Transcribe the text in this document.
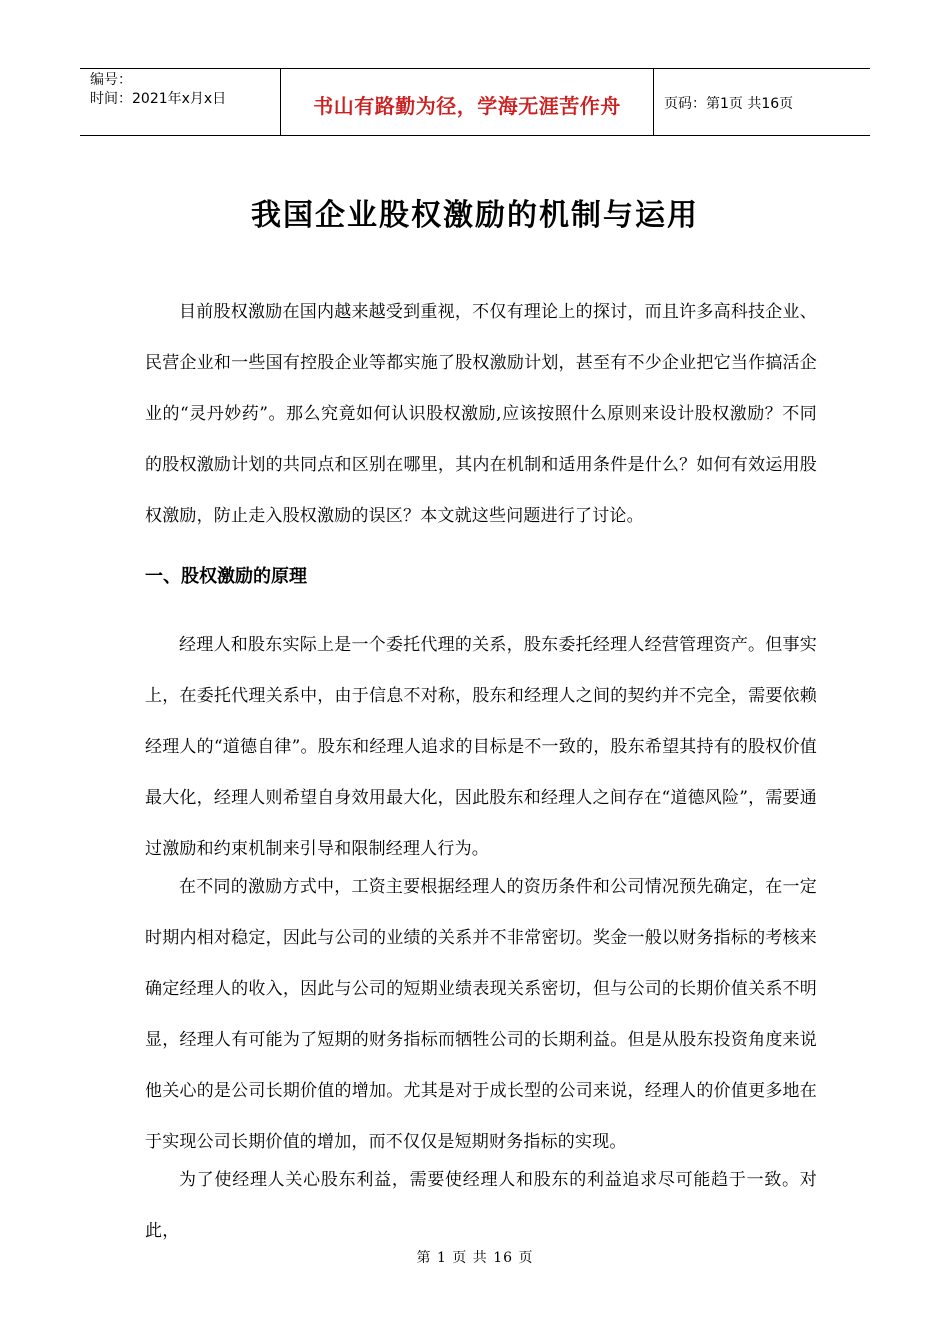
编号：
时间：2021年x月x日	书山有路勤为径，学海无涯苦作舟	页码：第1页 共16页
我国企业股权激励的机制与运用

目前股权激励在国内越来越受到重视，不仅有理论上的探讨，而且许多高科技企业、民营企业和一些国有控股企业等都实施了股权激励计划，甚至有不少企业把它当作搞活企业的“灵丹妙药”。那么究竟如何认识股权激励,应该按照什么原则来设计股权激励？不同的股权激励计划的共同点和区别在哪里，其内在机制和适用条件是什么？如何有效运用股权激励，防止走入股权激励的误区？本文就这些问题进行了讨论。

一、股权激励的原理

经理人和股东实际上是一个委托代理的关系，股东委托经理人经营管理资产。但事实上，在委托代理关系中，由于信息不对称，股东和经理人之间的契约并不完全，需要依赖经理人的“道德自律”。股东和经理人追求的目标是不一致的，股东希望其持有的股权价值最大化，经理人则希望自身效用最大化，因此股东和经理人之间存在“道德风险”，需要通过激励和约束机制来引导和限制经理人行为。

在不同的激励方式中，工资主要根据经理人的资历条件和公司情况预先确定，在一定时期内相对稳定，因此与公司的业绩的关系并不非常密切。奖金一般以财务指标的考核来确定经理人的收入，因此与公司的短期业绩表现关系密切，但与公司的长期价值关系不明显，经理人有可能为了短期的财务指标而牺牲公司的长期利益。但是从股东投资角度来说他关心的是公司长期价值的增加。尤其是对于成长型的公司来说，经理人的价值更多地在于实现公司长期价值的增加，而不仅仅是短期财务指标的实现。

为了使经理人关心股东利益，需要使经理人和股东的利益追求尽可能趋于一致。对此，

第 1 页 共 16 页
